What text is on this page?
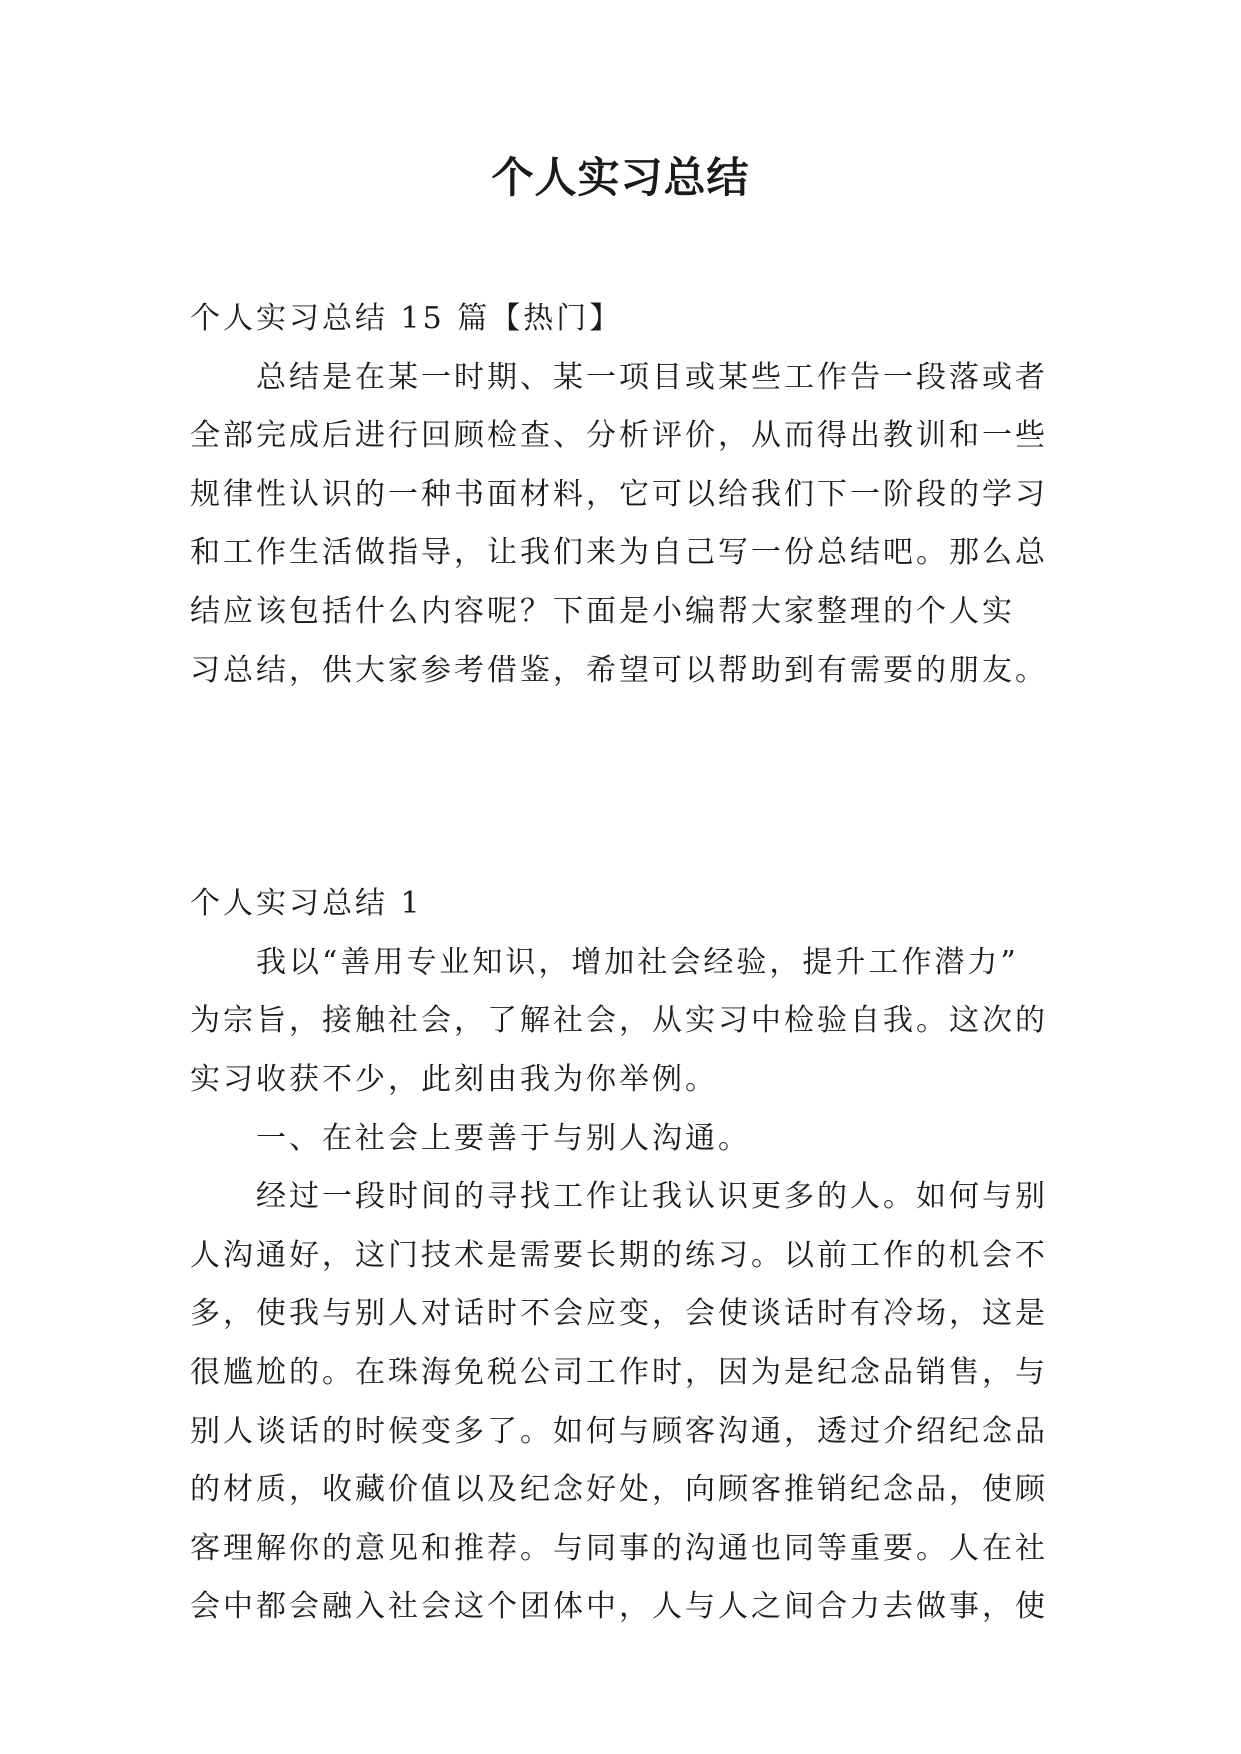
个人实习总结

个人实习总结 15 篇【热门】

总结是在某一时期、某一项目或某些工作告一段落或者

全部完成后进行回顾检查、分析评价，从而得出教训和一些

规律性认识的一种书面材料，它可以给我们下一阶段的学习

和工作生活做指导，让我们来为自己写一份总结吧。那么总

结应该包括什么内容呢？下面是小编帮大家整理的个人实

习总结，供大家参考借鉴，希望可以帮助到有需要的朋友。

个人实习总结 1

我以“善用专业知识，增加社会经验，提升工作潜力”

为宗旨，接触社会，了解社会，从实习中检验自我。这次的

实习收获不少，此刻由我为你举例。

一、在社会上要善于与别人沟通。

经过一段时间的寻找工作让我认识更多的人。如何与别

人沟通好，这门技术是需要长期的练习。以前工作的机会不

多，使我与别人对话时不会应变，会使谈话时有冷场，这是

很尴尬的。在珠海免税公司工作时，因为是纪念品销售，与

别人谈话的时候变多了。如何与顾客沟通，透过介绍纪念品

的材质，收藏价值以及纪念好处，向顾客推销纪念品，使顾

客理解你的意见和推荐。与同事的沟通也同等重要。人在社

会中都会融入社会这个团体中，人与人之间合力去做事，使
